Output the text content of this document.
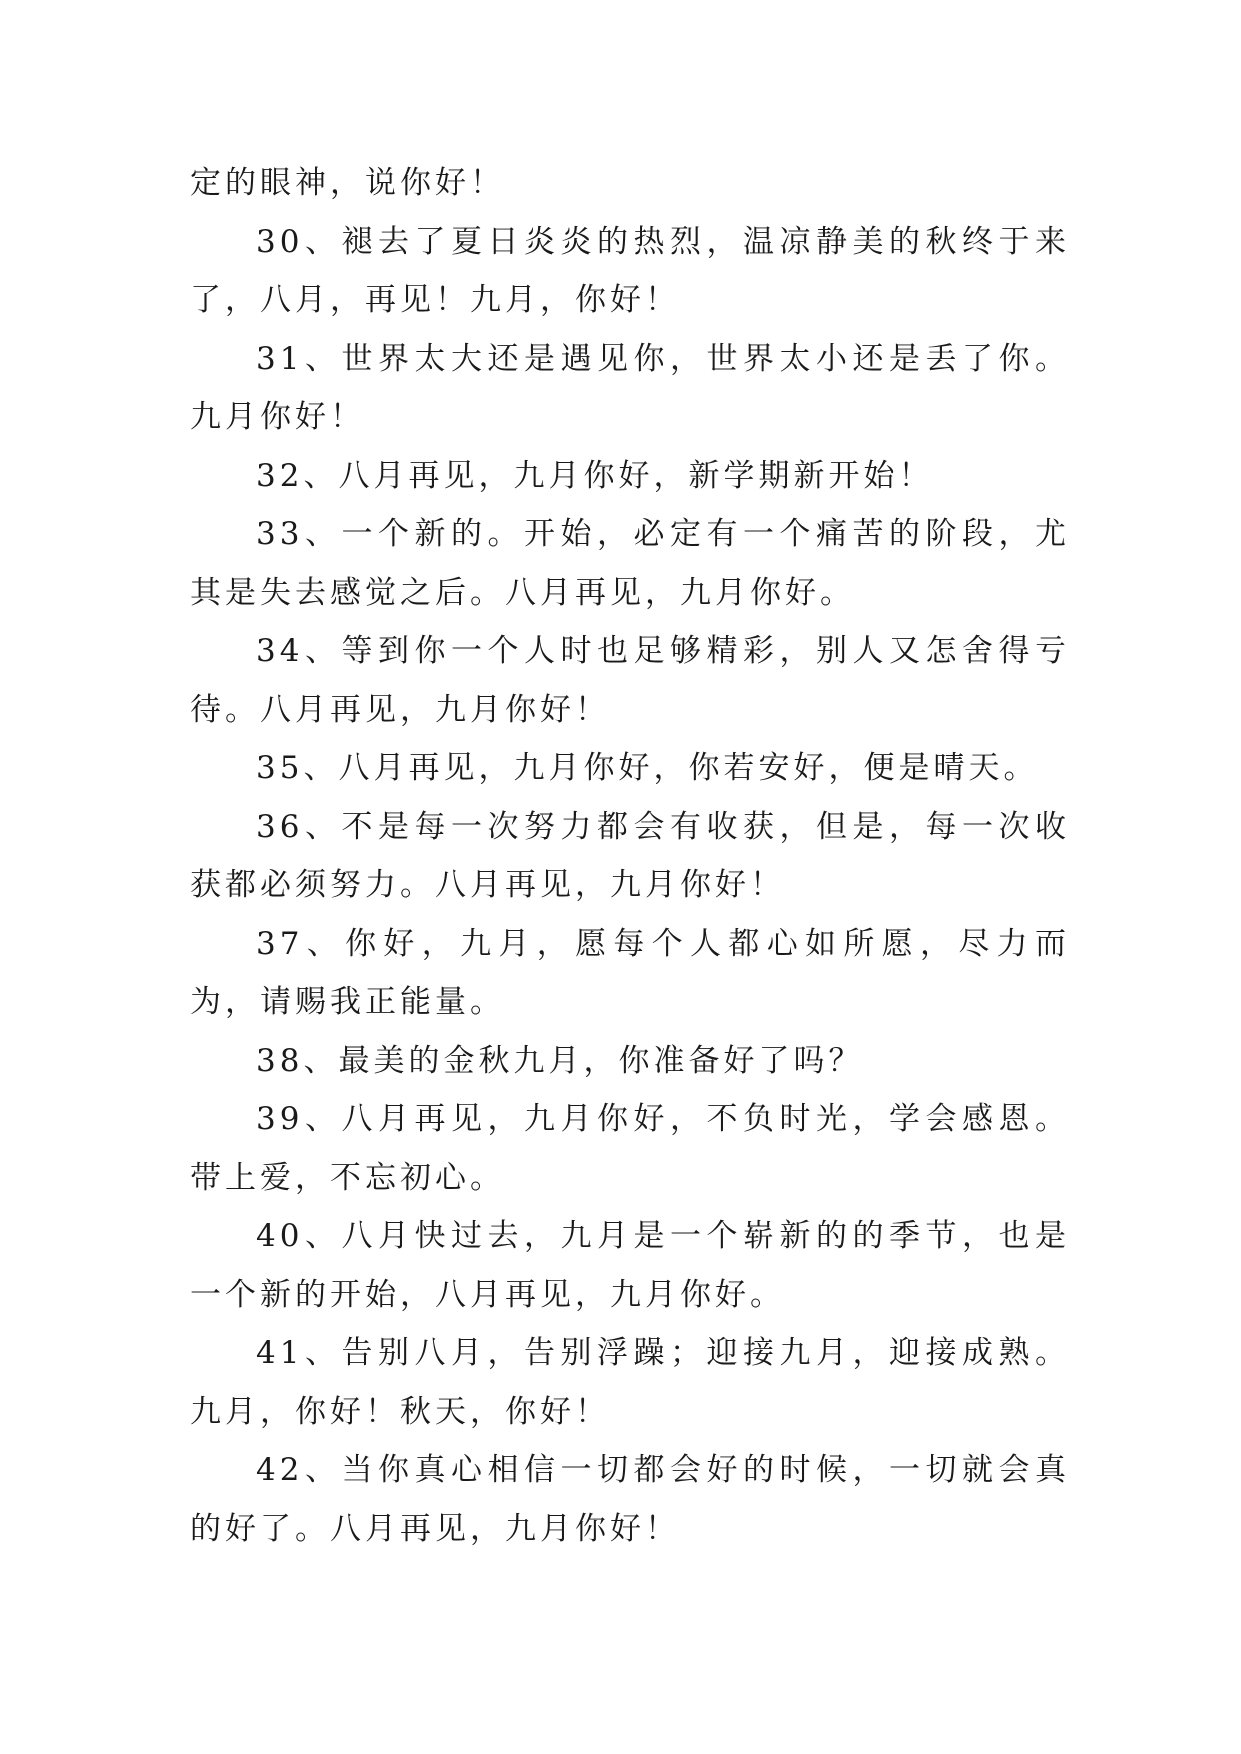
定的眼神，说你好！

30、褪去了夏日炎炎的热烈，温凉静美的秋终于来了，八月，再见！九月，你好！

31、世界太大还是遇见你，世界太小还是丢了你。九月你好！

32、八月再见，九月你好，新学期新开始！

33、一个新的。开始，必定有一个痛苦的阶段，尤其是失去感觉之后。八月再见，九月你好。

34、等到你一个人时也足够精彩，别人又怎舍得亏待。八月再见，九月你好！

35、八月再见，九月你好，你若安好，便是晴天。

36、不是每一次努力都会有收获，但是，每一次收获都必须努力。八月再见，九月你好！

37、你好，九月，愿每个人都心如所愿，尽力而为，请赐我正能量。

38、最美的金秋九月，你准备好了吗？

39、八月再见，九月你好，不负时光，学会感恩。带上爱，不忘初心。

40、八月快过去，九月是一个崭新的的季节，也是一个新的开始，八月再见，九月你好。

41、告别八月，告别浮躁；迎接九月，迎接成熟。九月，你好！秋天，你好！

42、当你真心相信一切都会好的时候，一切就会真的好了。八月再见，九月你好！
